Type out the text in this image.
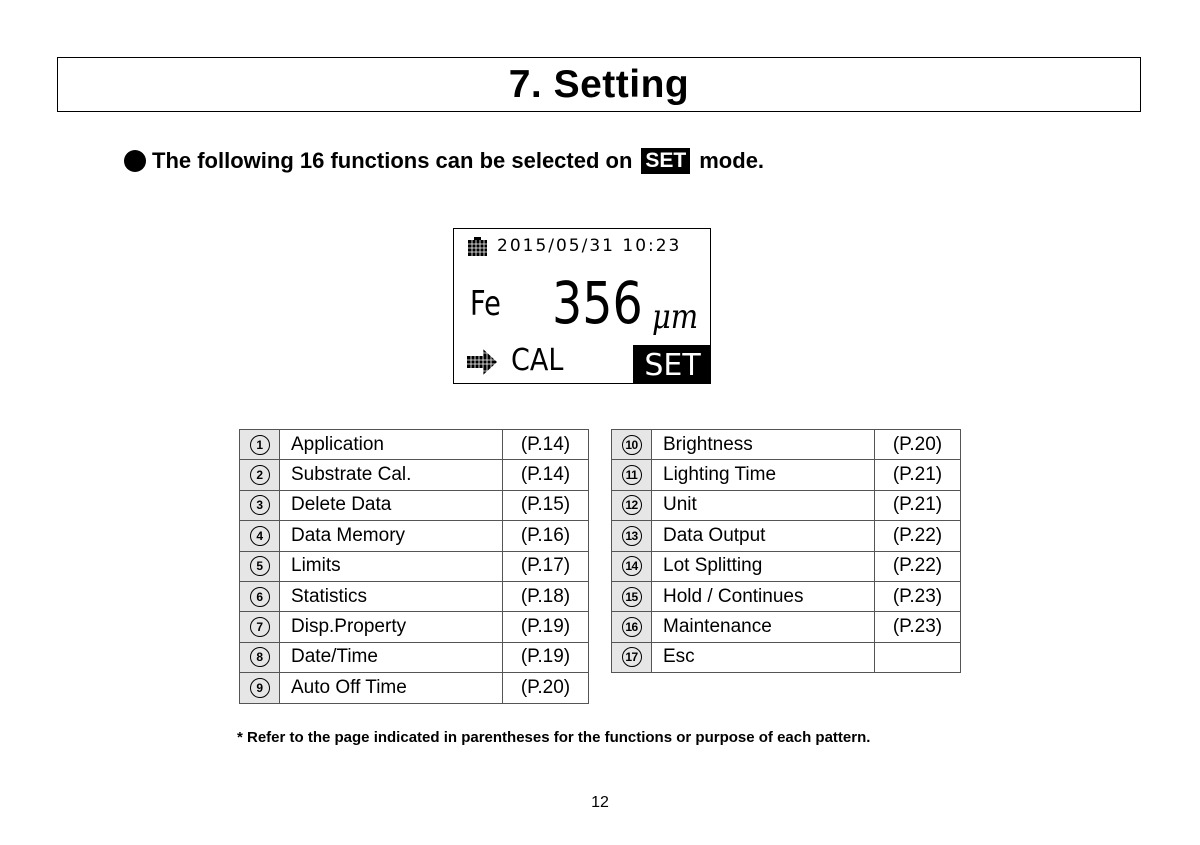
7. Setting
The following 16 functions can be selected on SET mode.
2015/05/31 10:23
Fe 356 μm
CAL	SET
1	Application	(P.14)
2	Substrate Cal.	(P.14)
3	Delete Data	(P.15)
4	Data Memory	(P.16)
5	Limits	(P.17)
6	Statistics	(P.18)
7	Disp.Property	(P.19)
8	Date/Time	(P.19)
9	Auto Off Time	(P.20)
10	Brightness	(P.20)
11	Lighting Time	(P.21)
12	Unit	(P.21)
13	Data Output	(P.22)
14	Lot Splitting	(P.22)
15	Hold / Continues	(P.23)
16	Maintenance	(P.23)
17	Esc	
* Refer to the page indicated in parentheses for the functions or purpose of each pattern.
12
